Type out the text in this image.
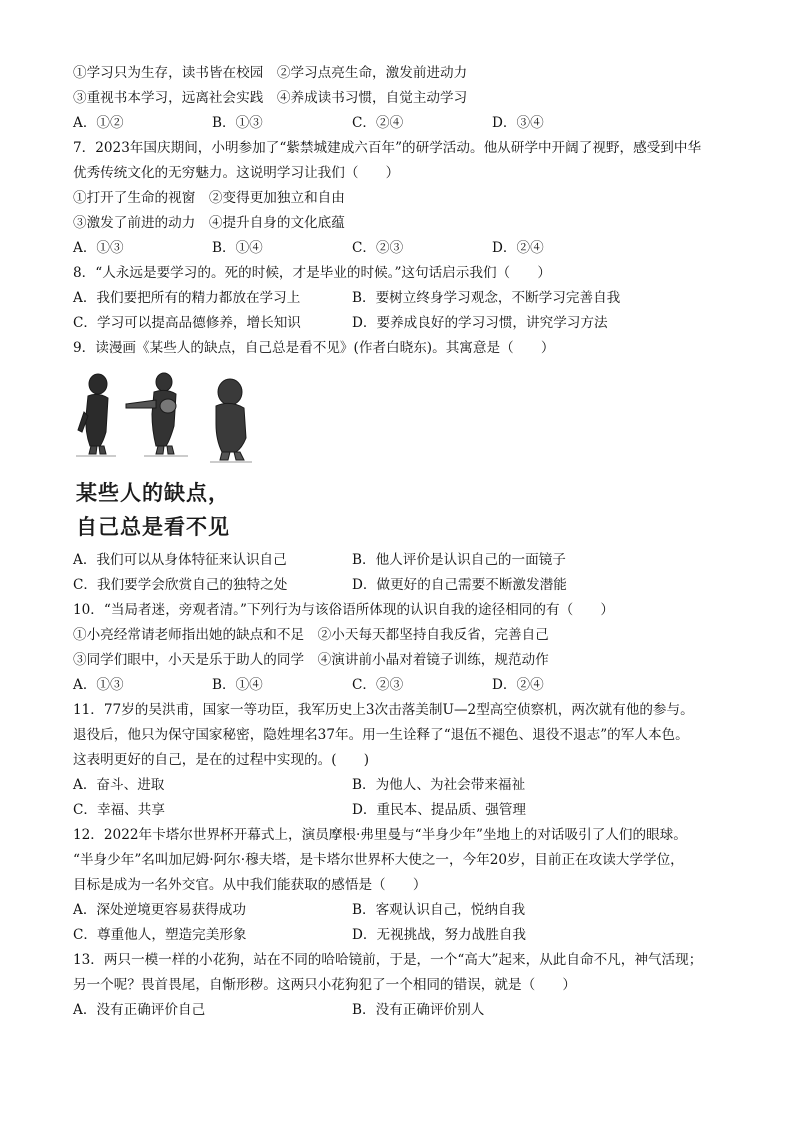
①学习只为生存，读书皆在校园　②学习点亮生命，激发前进动力
③重视书本学习，远离社会实践　④养成读书习惯，自觉主动学习
A．①②	B．①③	C．②④	D．③④
7．2023年国庆期间，小明参加了“紫禁城建成六百年”的研学活动。他从研学中开阔了视野，感受到中华
优秀传统文化的无穷魅力。这说明学习让我们（　　）
①打开了生命的视窗　②变得更加独立和自由
③激发了前进的动力　④提升自身的文化底蕴
A．①③	B．①④	C．②③	D．②④
8．“人永远是要学习的。死的时候，才是毕业的时候。”这句话启示我们（　　）
A．我们要把所有的精力都放在学习上	B．要树立终身学习观念，不断学习完善自我
C．学习可以提高品德修养，增长知识	D．要养成良好的学习习惯，讲究学习方法
9．读漫画《某些人的缺点，自己总是看不见》(作者白晓东)。其寓意是（　　）
某些人的缺点，
自己总是看不见
A．我们可以从身体特征来认识自己	B．他人评价是认识自己的一面镜子
C．我们要学会欣赏自己的独特之处	D．做更好的自己需要不断激发潜能
10．“当局者迷，旁观者清。”下列行为与该俗语所体现的认识自我的途径相同的有（　　）
①小亮经常请老师指出她的缺点和不足　②小天每天都坚持自我反省，完善自己
③同学们眼中，小天是乐于助人的同学　④演讲前小晶对着镜子训练，规范动作
A．①③	B．①④	C．②③	D．②④
11．77岁的吴洪甫，国家一等功臣，我军历史上3次击落美制U—2型高空侦察机，两次就有他的参与。
退役后，他只为保守国家秘密，隐姓埋名37年。用一生诠释了“退伍不褪色、退役不退志”的军人本色。
这表明更好的自己，是在的过程中实现的。(　　)
A．奋斗、进取	B．为他人、为社会带来福祉
C．幸福、共享	D．重民本、提品质、强管理
12．2022年卡塔尔世界杯开幕式上，演员摩根·弗里曼与“半身少年”坐地上的对话吸引了人们的眼球。
“半身少年”名叫加尼姆·阿尔·穆夫塔，是卡塔尔世界杯大使之一，今年20岁，目前正在攻读大学学位，
目标是成为一名外交官。从中我们能获取的感悟是（　　）
A．深处逆境更容易获得成功	B．客观认识自己，悦纳自我
C．尊重他人，塑造完美形象	D．无视挑战，努力战胜自我
13．两只一模一样的小花狗，站在不同的哈哈镜前，于是，一个“高大”起来，从此自命不凡，神气活现；
另一个呢？畏首畏尾，自惭形秽。这两只小花狗犯了一个相同的错误，就是（　　）
A．没有正确评价自己	B．没有正确评价别人
